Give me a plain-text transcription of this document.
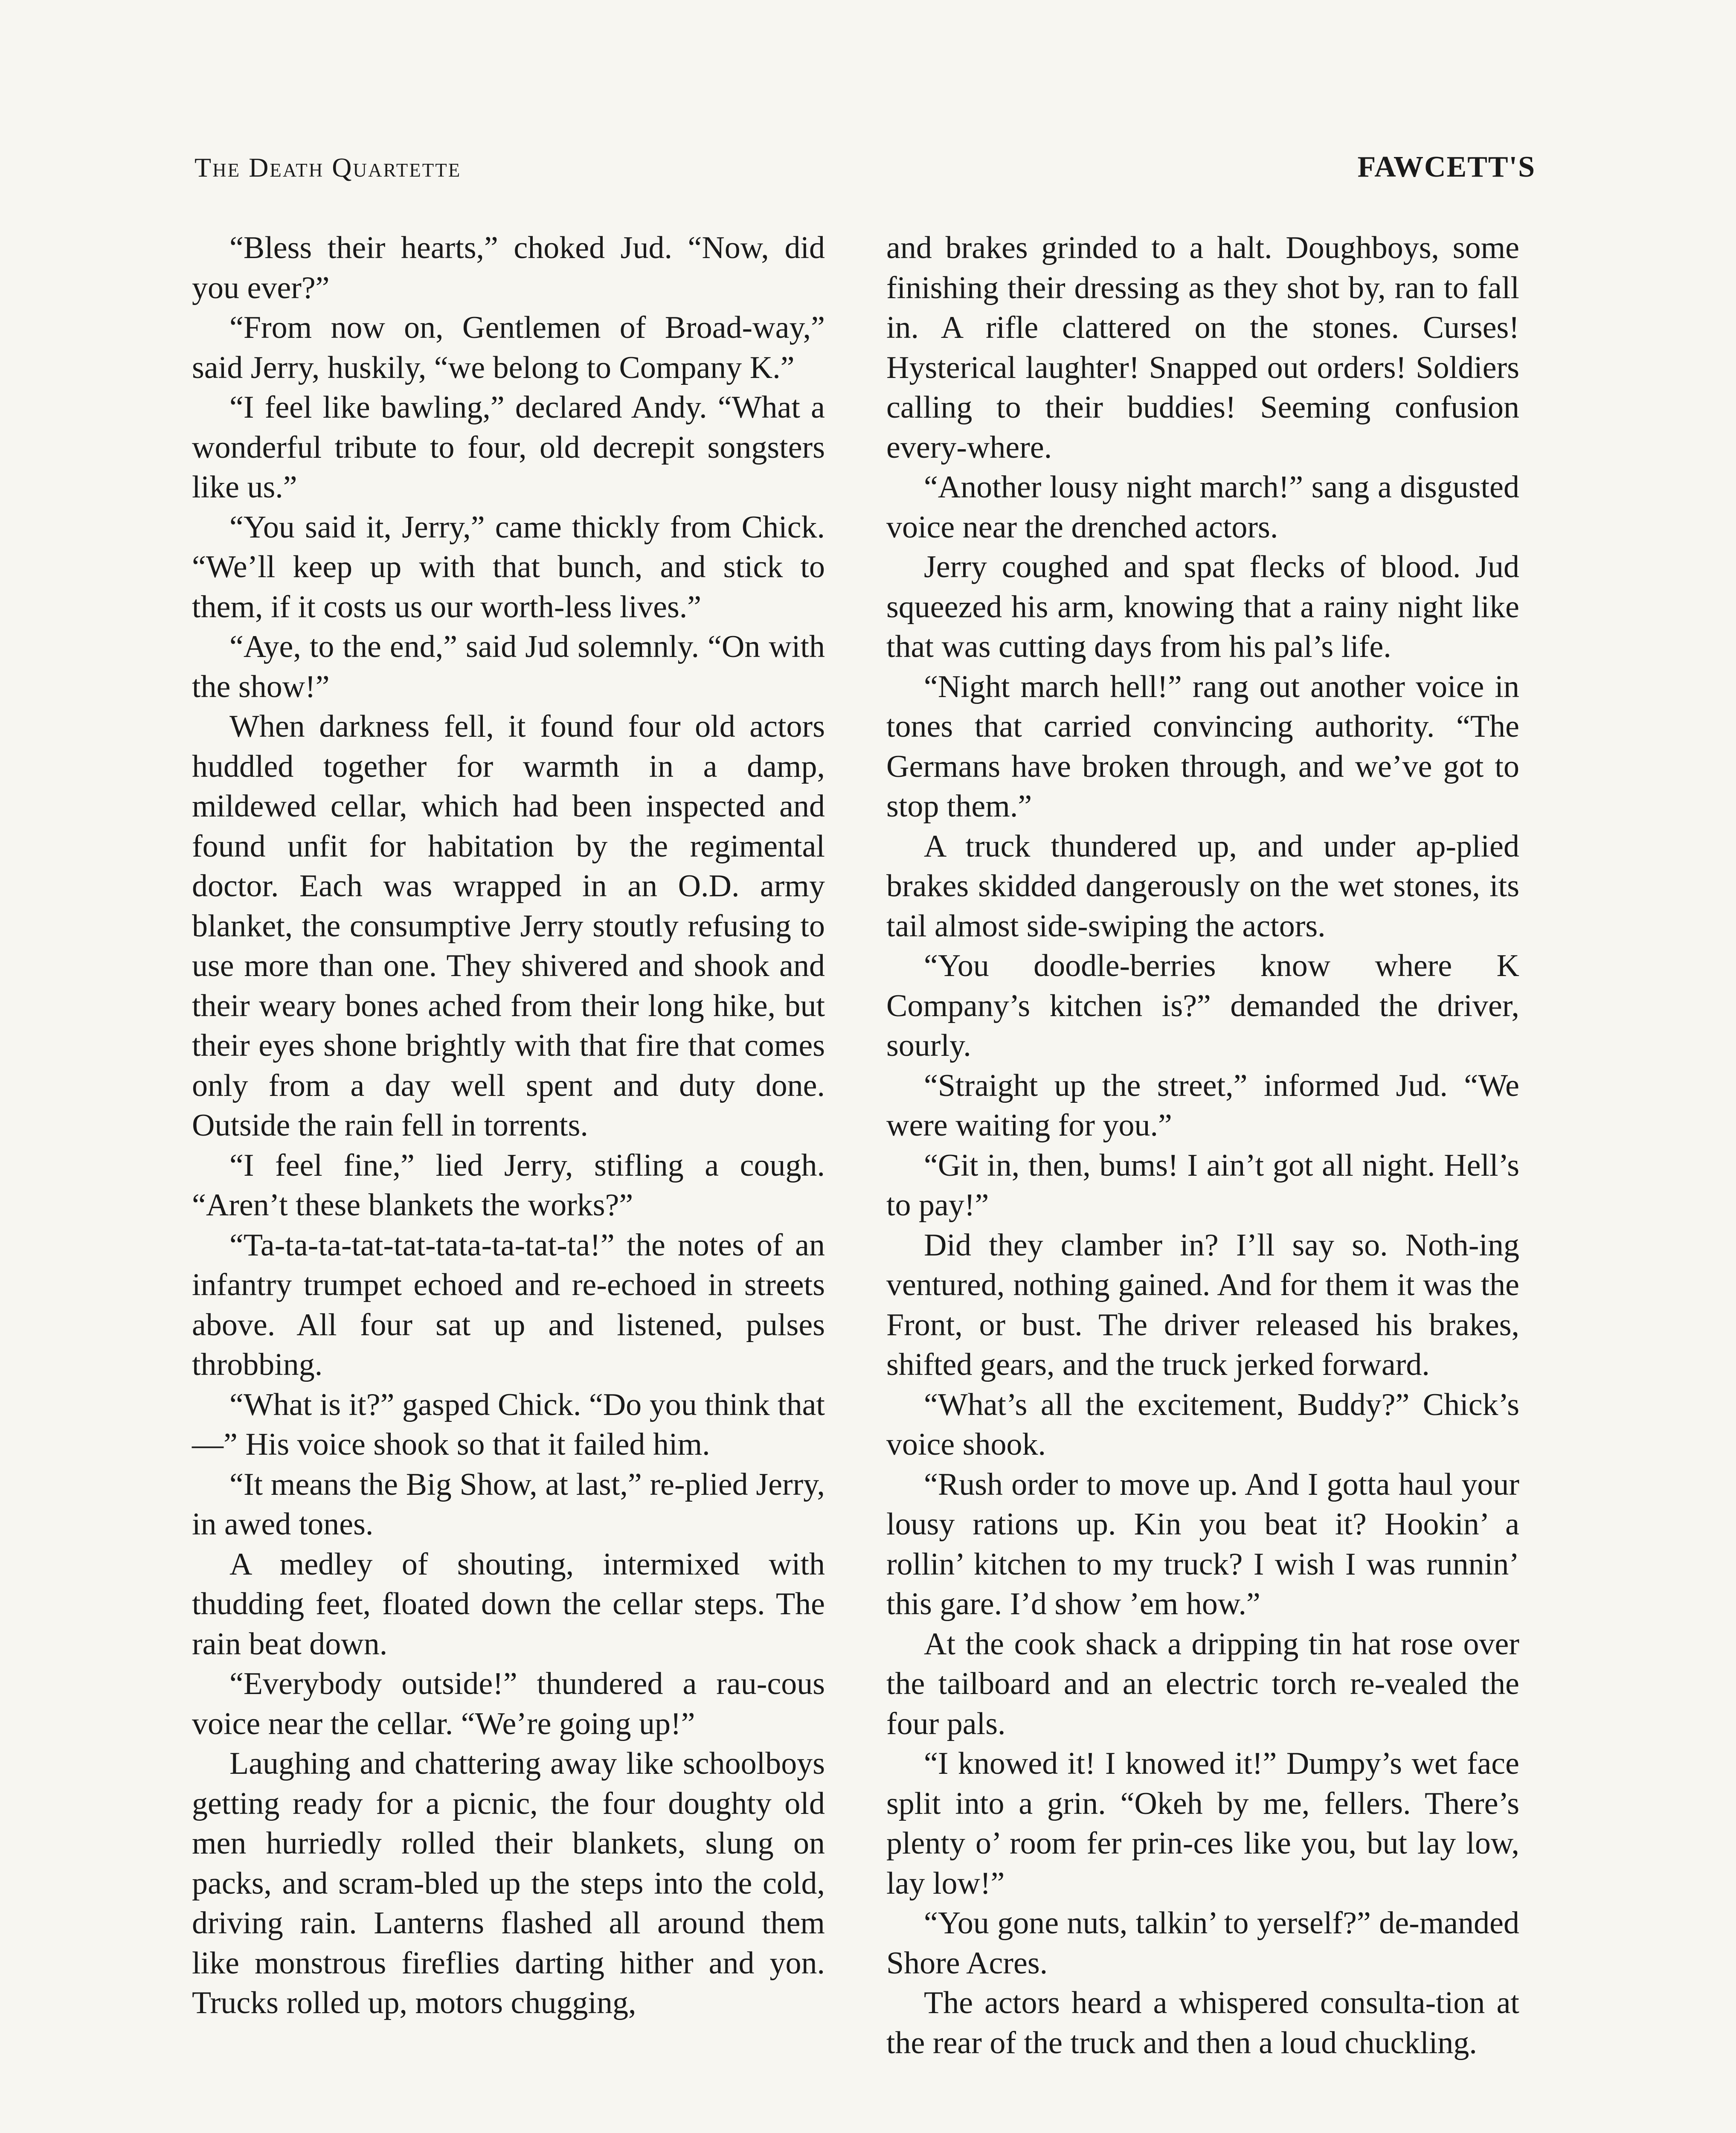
The Death Quartette	FAWCETT'S

“Bless their hearts,” choked Jud. “Now, did you ever?”

“From now on, Gentlemen of Broad-way,” said Jerry, huskily, “we belong to Company K.”

“I feel like bawling,” declared Andy. “What a wonderful tribute to four, old decrepit songsters like us.”

“You said it, Jerry,” came thickly from Chick. “We’ll keep up with that bunch, and stick to them, if it costs us our worth-less lives.”

“Aye, to the end,” said Jud solemnly. “On with the show!”

When darkness fell, it found four old actors huddled together for warmth in a damp, mildewed cellar, which had been inspected and found unfit for habitation by the regimental doctor. Each was wrapped in an O.D. army blanket, the consumptive Jerry stoutly refusing to use more than one. They shivered and shook and their weary bones ached from their long hike, but their eyes shone brightly with that fire that comes only from a day well spent and duty done. Outside the rain fell in torrents.

“I feel fine,” lied Jerry, stifling a cough. “Aren’t these blankets the works?”

“Ta-ta-ta-tat-tat-tata-ta-tat-ta!” the notes of an infantry trumpet echoed and re-echoed in streets above. All four sat up and listened, pulses throbbing.

“What is it?” gasped Chick. “Do you think that—” His voice shook so that it failed him.

“It means the Big Show, at last,” re-plied Jerry, in awed tones.

A medley of shouting, intermixed with thudding feet, floated down the cellar steps. The rain beat down.

“Everybody outside!” thundered a rau-cous voice near the cellar. “We’re going up!”

Laughing and chattering away like schoolboys getting ready for a picnic, the four doughty old men hurriedly rolled their blankets, slung on packs, and scram-bled up the steps into the cold, driving rain. Lanterns flashed all around them like monstrous fireflies darting hither and yon. Trucks rolled up, motors chugging,

and brakes grinded to a halt. Doughboys, some finishing their dressing as they shot by, ran to fall in. A rifle clattered on the stones. Curses! Hysterical laughter! Snapped out orders! Soldiers calling to their buddies! Seeming confusion every-where.

“Another lousy night march!” sang a disgusted voice near the drenched actors.

Jerry coughed and spat flecks of blood. Jud squeezed his arm, knowing that a rainy night like that was cutting days from his pal’s life.

“Night march hell!” rang out another voice in tones that carried convincing authority. “The Germans have broken through, and we’ve got to stop them.”

A truck thundered up, and under ap-plied brakes skidded dangerously on the wet stones, its tail almost side-swiping the actors.

“You doodle-berries know where K Company’s kitchen is?” demanded the driver, sourly.

“Straight up the street,” informed Jud. “We were waiting for you.”

“Git in, then, bums! I ain’t got all night. Hell’s to pay!”

Did they clamber in? I’ll say so. Noth-ing ventured, nothing gained. And for them it was the Front, or bust. The driver released his brakes, shifted gears, and the truck jerked forward.

“What’s all the excitement, Buddy?” Chick’s voice shook.

“Rush order to move up. And I gotta haul your lousy rations up. Kin you beat it? Hookin’ a rollin’ kitchen to my truck? I wish I was runnin’ this gare. I’d show ’em how.”

At the cook shack a dripping tin hat rose over the tailboard and an electric torch re-vealed the four pals.

“I knowed it! I knowed it!” Dumpy’s wet face split into a grin. “Okeh by me, fellers. There’s plenty o’ room fer prin-ces like you, but lay low, lay low!”

“You gone nuts, talkin’ to yerself?” de-manded Shore Acres.

The actors heard a whispered consulta-tion at the rear of the truck and then a loud chuckling.
